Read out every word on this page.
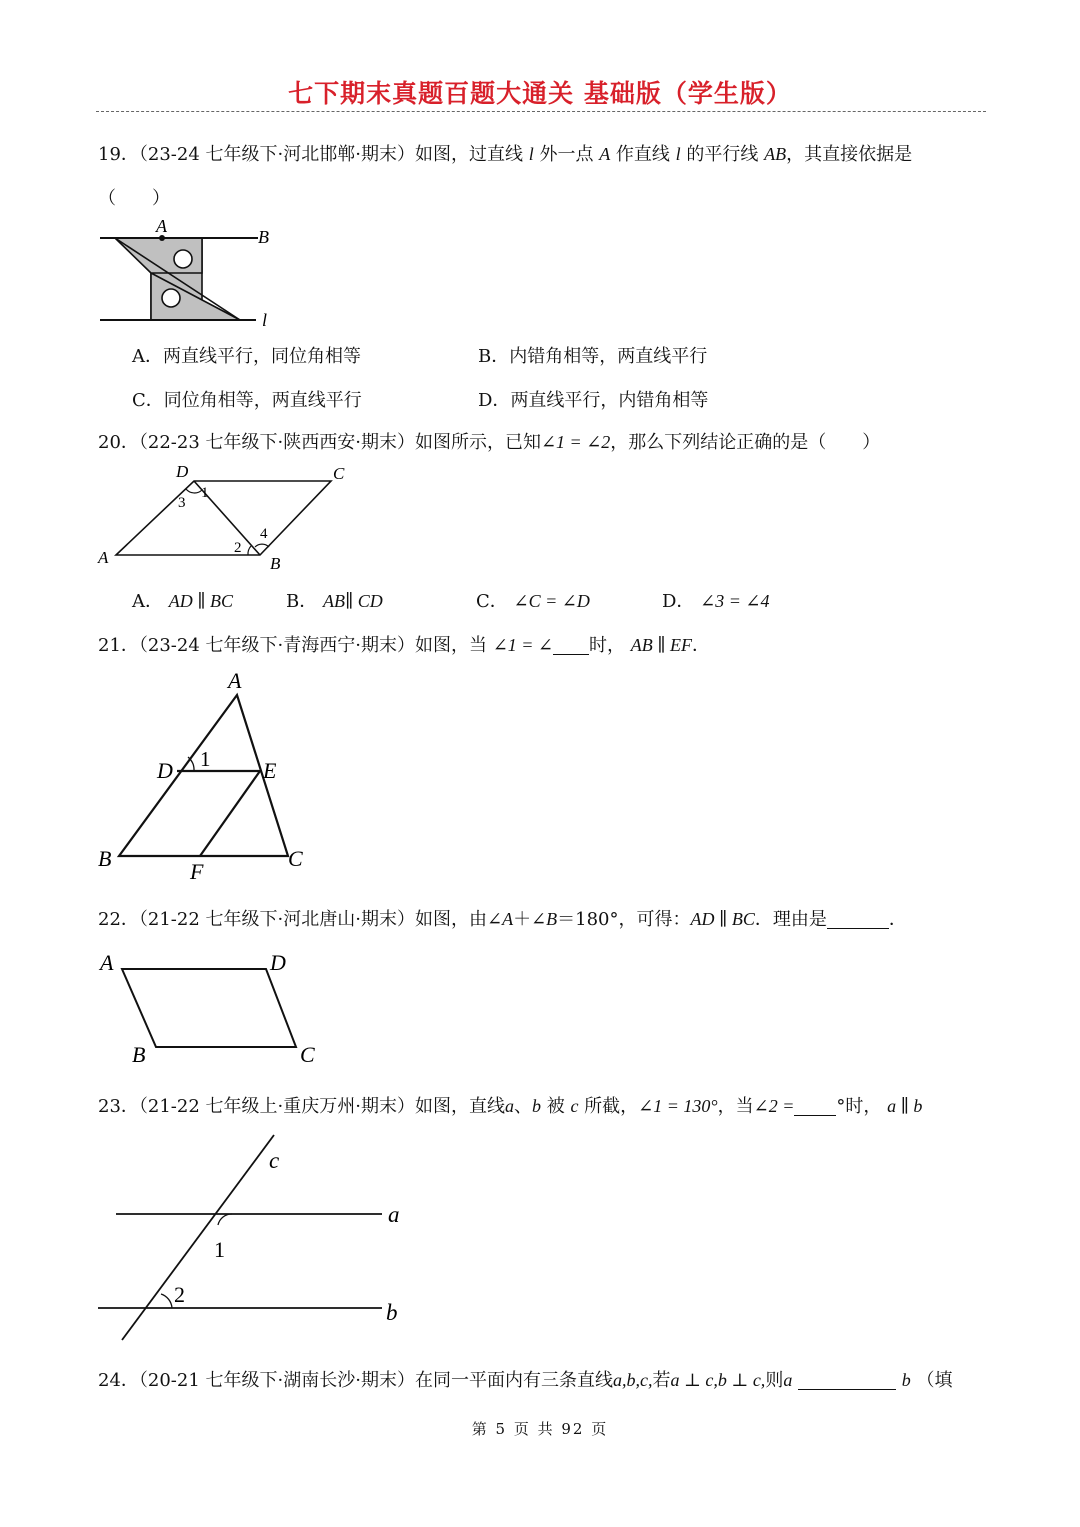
七下期末真题百题大通关 基础版（学生版）
19．（23-24 七年级下·河北邯郸·期末）如图，过直线 l 外一点 A 作直线 l 的平行线 AB，其直接依据是
（　　）
A
B
l
A．两直线平行，同位角相等	B．内错角相等，两直线平行
C．同位角相等，两直线平行	D．两直线平行，内错角相等
20．（22-23 七年级下·陕西西安·期末）如图所示，已知∠1 = ∠2，那么下列结论正确的是（　　）
D	C
A	B
1
3
2
4
A． AD ∥ BC	B． AB∥ CD	C． ∠C = ∠D	D． ∠3 = ∠4
21．（23-24 七年级下·青海西宁·期末）如图，当 ∠1 = ∠ 时， AB ∥ EF．
A
D 1 E
B
F
C
22．（21-22 七年级下·河北唐山·期末）如图，由∠A＋∠B＝180°，可得：AD ∥ BC．理由是	．
A	D
B	C
23．（21-22 七年级上·重庆万州·期末）如图，直线a、b 被 c 所截，∠1 = 130°，当∠2 = °时， a ∥ b
c
a
1
2
b
24．（20-21 七年级下·湖南长沙·期末）在同一平面内有三条直线a,b,c,若a ⊥ c,b ⊥ c,则a	b （填
第 5 页 共 92 页
